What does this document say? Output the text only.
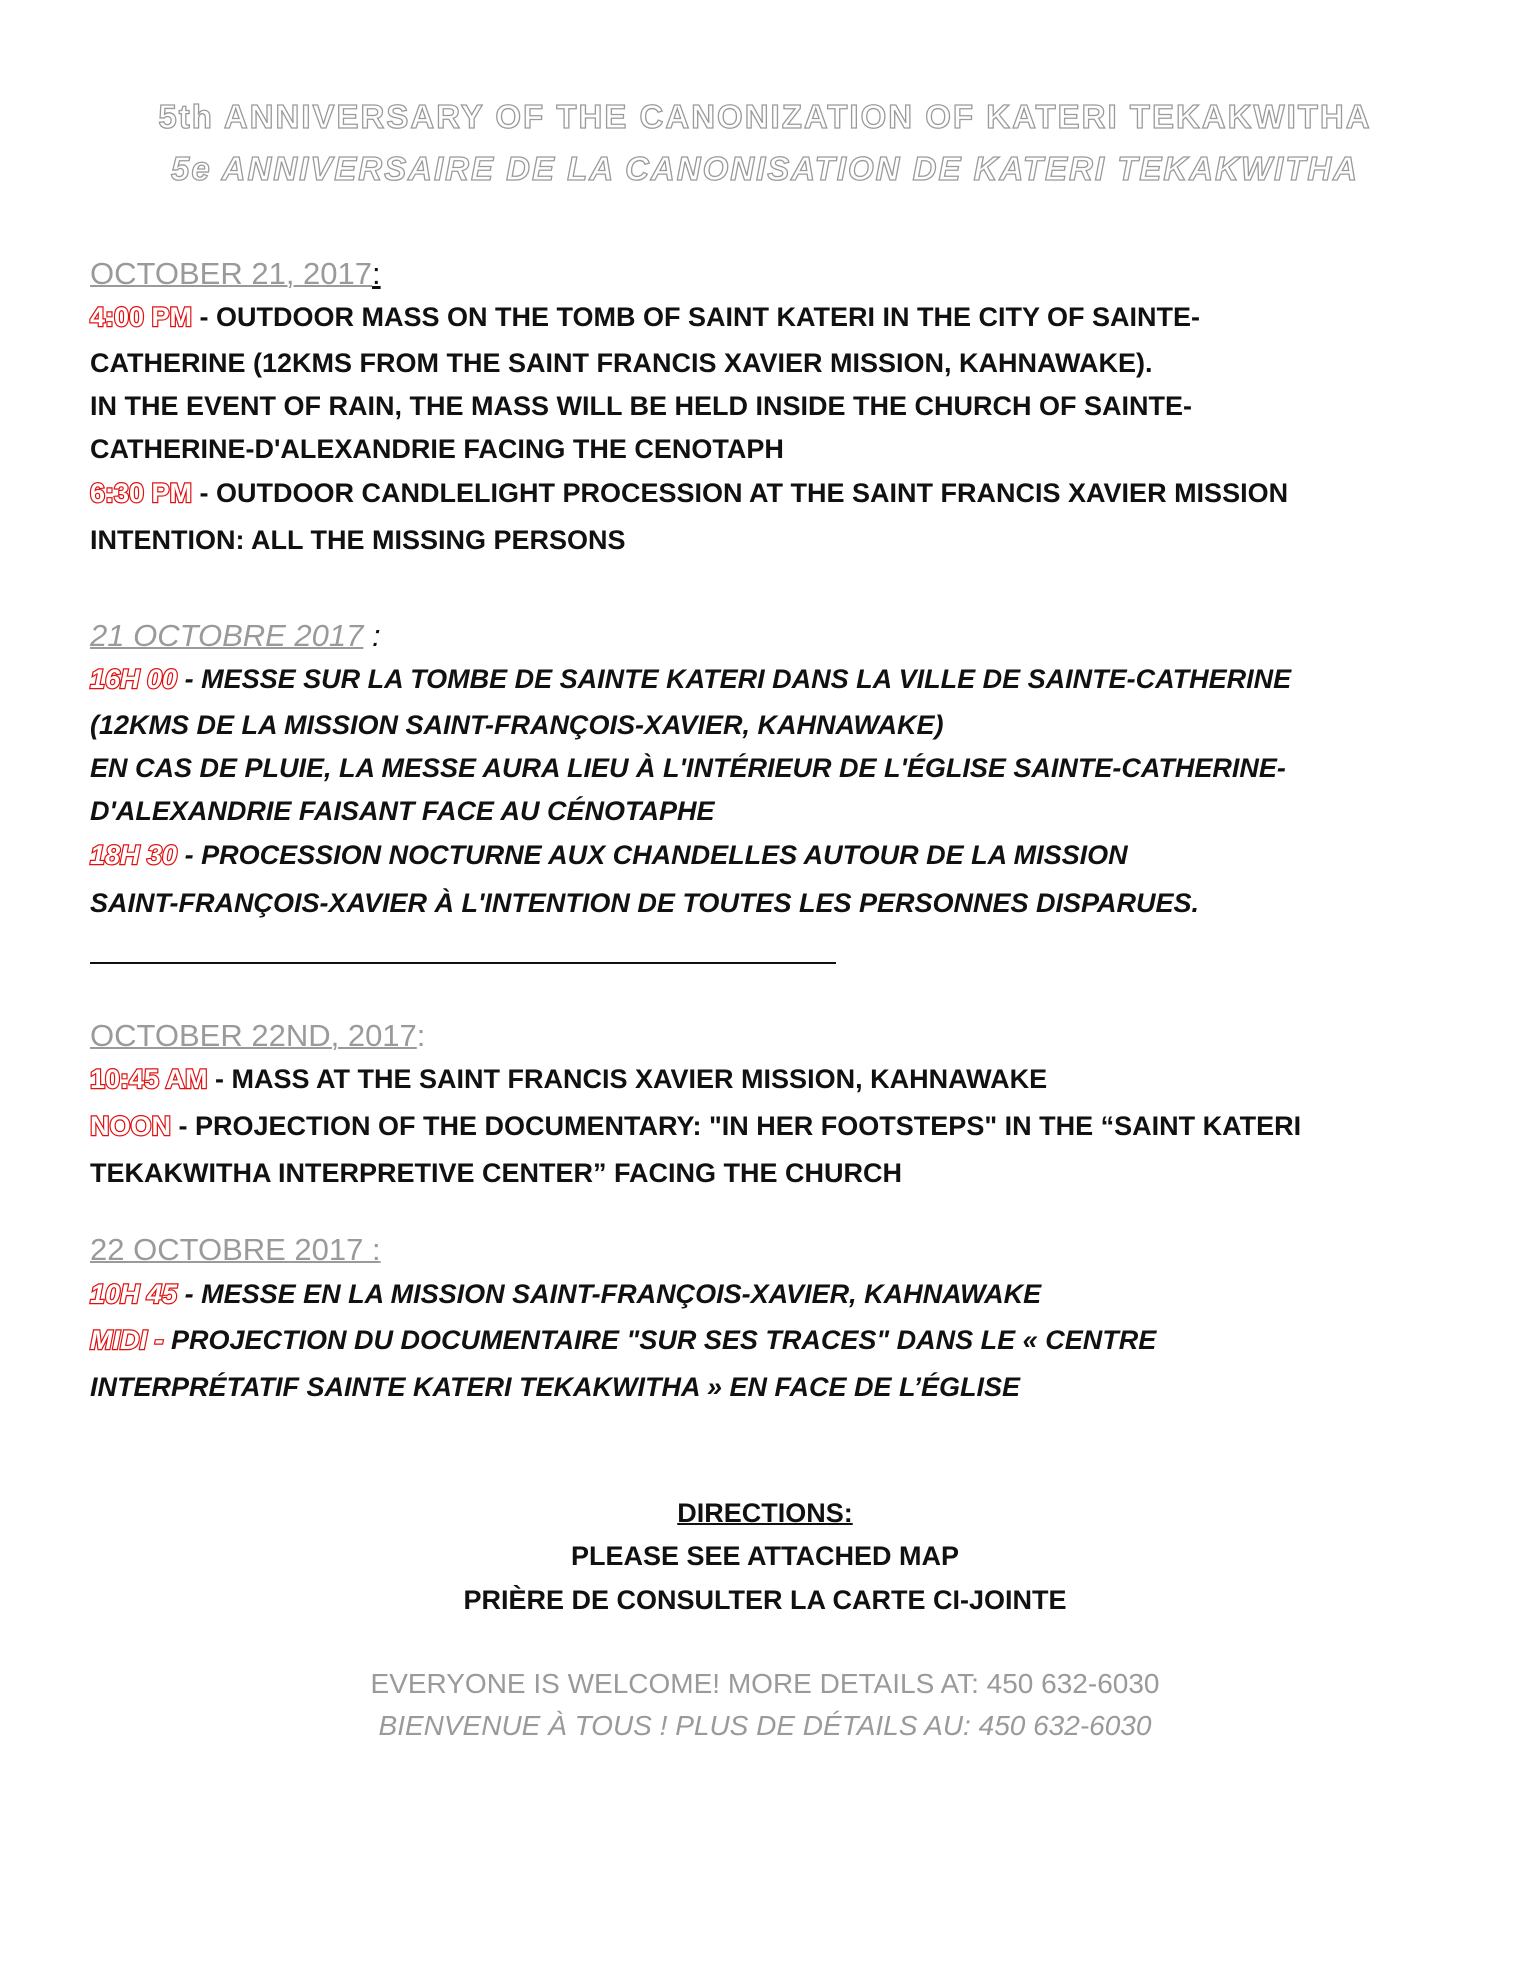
5th ANNIVERSARY OF THE CANONIZATION OF KATERI TEKAKWITHA
5e ANNIVERSAIRE DE LA CANONISATION DE KATERI TEKAKWITHA
OCTOBER 21, 2017:
4:00 PM - OUTDOOR MASS ON THE TOMB OF SAINT KATERI IN THE CITY OF SAINTE-
CATHERINE (12KMS FROM THE SAINT FRANCIS XAVIER MISSION, KAHNAWAKE).
IN THE EVENT OF RAIN, THE MASS WILL BE HELD INSIDE THE CHURCH OF SAINTE-
CATHERINE-D'ALEXANDRIE FACING THE CENOTAPH
6:30 PM - OUTDOOR CANDLELIGHT PROCESSION AT THE SAINT FRANCIS XAVIER MISSION
INTENTION: ALL THE MISSING PERSONS
21 OCTOBRE 2017 :
16H 00 - MESSE SUR LA TOMBE DE SAINTE KATERI DANS LA VILLE DE SAINTE-CATHERINE
(12KMS DE LA MISSION SAINT-FRANÇOIS-XAVIER, KAHNAWAKE)
EN CAS DE PLUIE, LA MESSE AURA LIEU À L'INTÉRIEUR DE L'ÉGLISE SAINTE-CATHERINE-
D'ALEXANDRIE FAISANT FACE AU CÉNOTAPHE
18H 30 - PROCESSION NOCTURNE AUX CHANDELLES AUTOUR DE LA MISSION
SAINT-FRANÇOIS-XAVIER À L'INTENTION DE TOUTES LES PERSONNES DISPARUES.
OCTOBER 22ND, 2017:
10:45 AM - MASS AT THE SAINT FRANCIS XAVIER MISSION, KAHNAWAKE
NOON - PROJECTION OF THE DOCUMENTARY: "IN HER FOOTSTEPS" IN THE “SAINT KATERI
TEKAKWITHA INTERPRETIVE CENTER” FACING THE CHURCH
22 OCTOBRE 2017 :
10H 45 - MESSE EN LA MISSION SAINT-FRANÇOIS-XAVIER, KAHNAWAKE
MIDI - PROJECTION DU DOCUMENTAIRE "SUR SES TRACES" DANS LE « CENTRE
INTERPRÉTATIF SAINTE KATERI TEKAKWITHA » EN FACE DE L’ÉGLISE
DIRECTIONS:
PLEASE SEE ATTACHED MAP
PRIÈRE DE CONSULTER LA CARTE CI-JOINTE
EVERYONE IS WELCOME! MORE DETAILS AT: 450 632-6030
BIENVENUE À TOUS ! PLUS DE DÉTAILS AU: 450 632-6030
